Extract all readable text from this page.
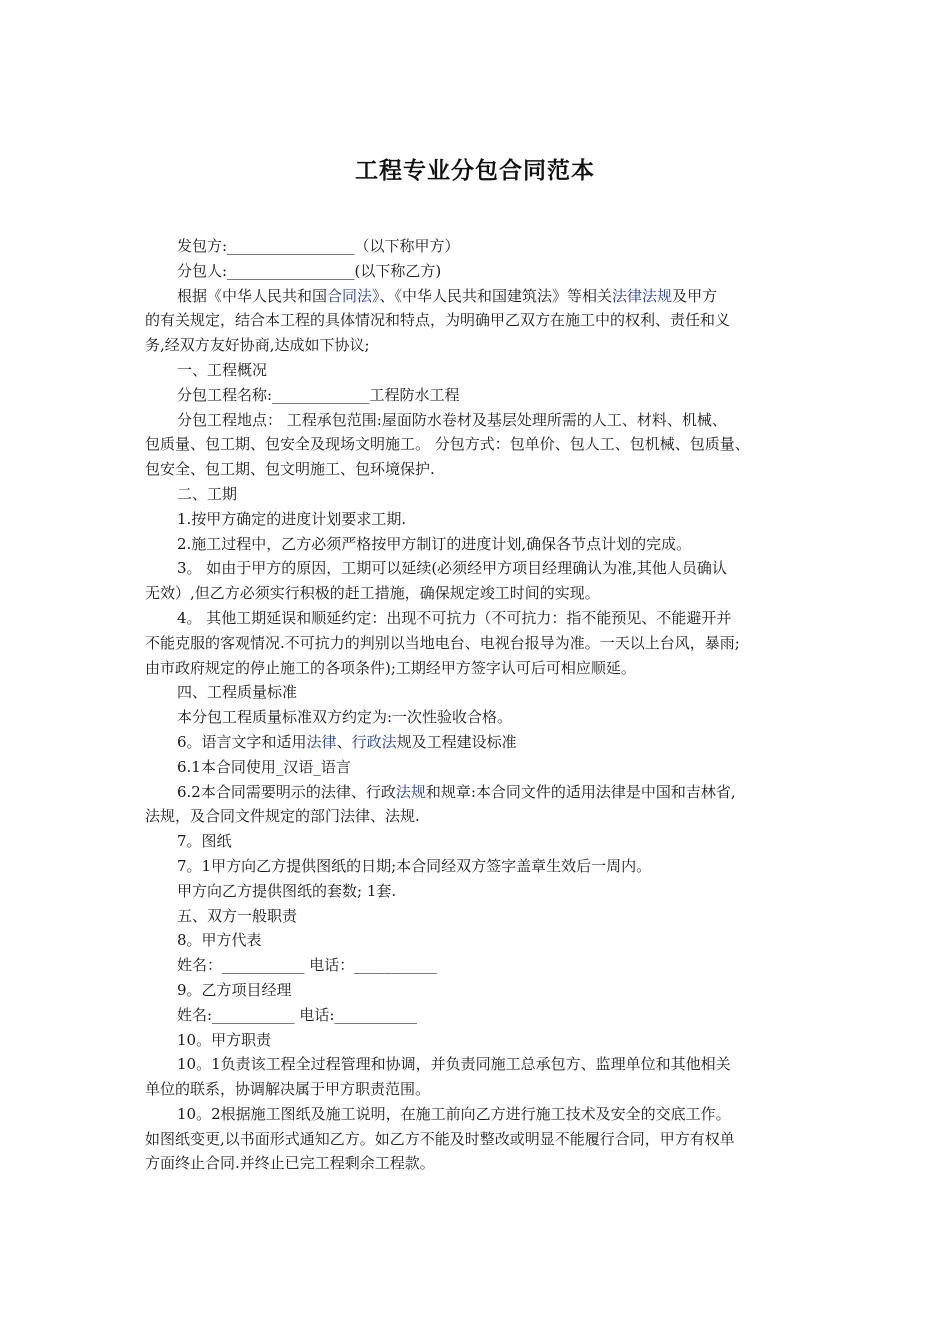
工程专业分包合同范本

发包方:_________________（以下称甲方）

分包人:_________________(以下称乙方)

根据《中华人民共和国合同法》、《中华人民共和国建筑法》等相关法律法规及甲方

的有关规定，结合本工程的具体情况和特点，为明确甲乙双方在施工中的权利、责任和义

务,经双方友好协商,达成如下协议;

一、工程概况

分包工程名称:_____________工程防水工程

分包工程地点： 工程承包范围:屋面防水卷材及基层处理所需的人工、材料、机械、

包质量、包工期、包安全及现场文明施工。 分包方式：包单价、包人工、包机械、包质量、

包安全、包工期、包文明施工、包环境保护.

二、工期

1.按甲方确定的进度计划要求工期.

2.施工过程中，乙方必须严格按甲方制订的进度计划,确保各节点计划的完成。

3。 如由于甲方的原因，工期可以延续(必须经甲方项目经理确认为准,其他人员确认

无效）,但乙方必须实行积极的赶工措施，确保规定竣工时间的实现。

4。 其他工期延误和顺延约定：出现不可抗力（不可抗力：指不能预见、不能避开并

不能克服的客观情况.不可抗力的判别以当地电台、电视台报导为准。一天以上台风，暴雨;

由市政府规定的停止施工的各项条件);工期经甲方签字认可后可相应顺延。

四、工程质量标准

本分包工程质量标准双方约定为:一次性验收合格。

6。语言文字和适用法律、行政法规及工程建设标准

6.1本合同使用_汉语_语言

6.2本合同需要明示的法律、行政法规和规章:本合同文件的适用法律是中国和吉林省,

法规，及合同文件规定的部门法律、法规.

7。图纸

7。1甲方向乙方提供图纸的日期;本合同经双方签字盖章生效后一周内。

甲方向乙方提供图纸的套数; 1套.

五、双方一般职责

8。甲方代表

姓名：___________ 电话：___________

9。乙方项目经理

姓名:___________ 电话:___________

10。甲方职责

10。1负责该工程全过程管理和协调，并负责同施工总承包方、监理单位和其他相关

单位的联系，协调解决属于甲方职责范围。

10。2根据施工图纸及施工说明，在施工前向乙方进行施工技术及安全的交底工作。

如图纸变更,以书面形式通知乙方。如乙方不能及时整改或明显不能履行合同，甲方有权单

方面终止合同.并终止已完工程剩余工程款。
